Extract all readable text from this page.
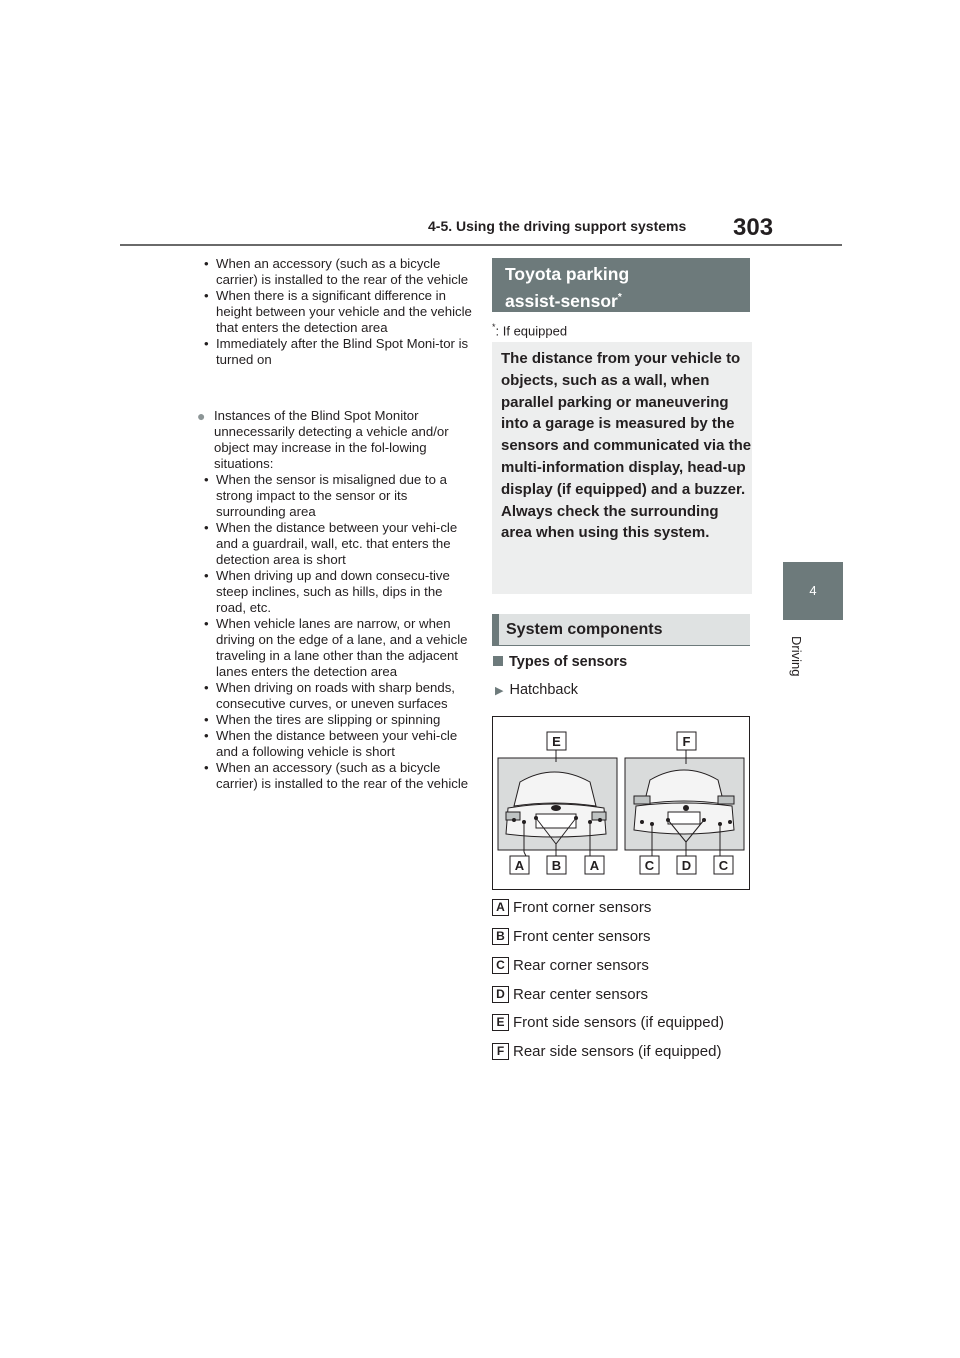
4-5. Using the driving support systems 303
4
Driving
• When an accessory (such as a bicycle carrier) is installed to the rear of the vehicle
• When there is a significant difference in height between your vehicle and the vehicle that enters the detection area
• Immediately after the Blind Spot Moni-tor is turned on
● Instances of the Blind Spot Monitor unnecessarily detecting a vehicle and/or object may increase in the fol-lowing situations:
• When the sensor is misaligned due to a strong impact to the sensor or its surrounding area
• When the distance between your vehi-cle and a guardrail, wall, etc. that enters the detection area is short
• When driving up and down consecu-tive steep inclines, such as hills, dips in the road, etc.
• When vehicle lanes are narrow, or when driving on the edge of a lane, and a vehicle traveling in a lane other than the adjacent lanes enters the detection area
• When driving on roads with sharp bends, consecutive curves, or uneven surfaces
• When the tires are slipping or spinning
• When the distance between your vehi-cle and a following vehicle is short
• When an accessory (such as a bicycle carrier) is installed to the rear of the vehicle
Toyota parking
assist-sensor*
*: If equipped
The distance from your vehicle to objects, such as a wall, when parallel parking or maneuvering into a garage is measured by the sensors and communicated via the multi-information display, head-up display (if equipped) and a buzzer. Always check the surrounding area when using this system.
System components
Types of sensors
▶ Hatchback
E	F
A B A	C D C
A Front corner sensors
B Front center sensors
C Rear corner sensors
D Rear center sensors
E Front side sensors (if equipped)
F Rear side sensors (if equipped)
